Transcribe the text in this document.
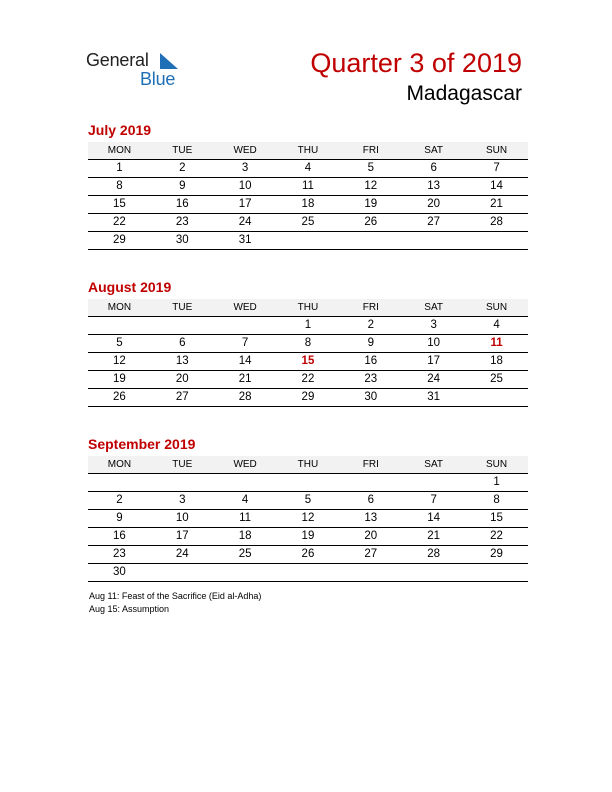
General
Blue
Quarter 3 of 2019
Madagascar
July 2019
MON	TUE	WED	THU	FRI	SAT	SUN
1	2	3	4	5	6	7
8	9	10	11	12	13	14
15	16	17	18	19	20	21
22	23	24	25	26	27	28
29	30	31				
August 2019
MON	TUE	WED	THU	FRI	SAT	SUN
			1	2	3	4
5	6	7	8	9	10	11
12	13	14	15	16	17	18
19	20	21	22	23	24	25
26	27	28	29	30	31	
September 2019
MON	TUE	WED	THU	FRI	SAT	SUN
						1
2	3	4	5	6	7	8
9	10	11	12	13	14	15
16	17	18	19	20	21	22
23	24	25	26	27	28	29
30						
Aug 11: Feast of the Sacrifice (Eid al-Adha)
Aug 15: Assumption
